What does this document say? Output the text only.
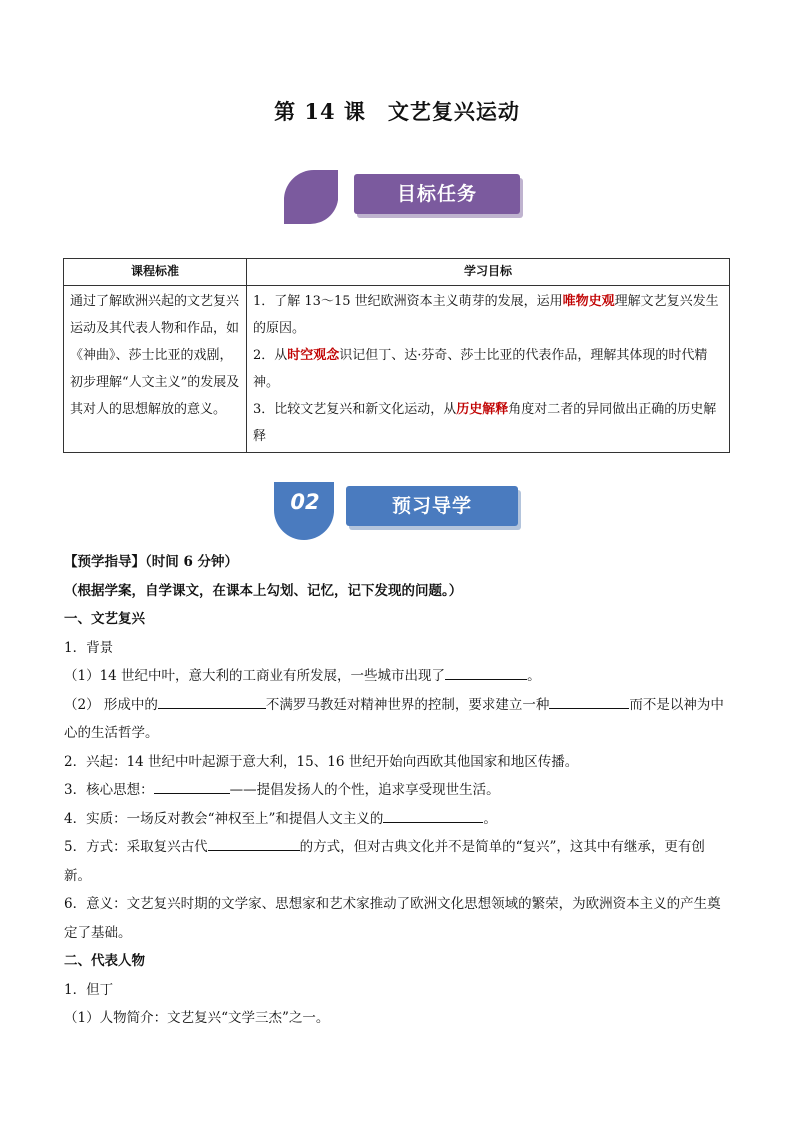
第 14 课 文艺复兴运动
目标任务
课程标准	学习目标
通过了解欧洲兴起的文艺复兴运动及其代表人物和作品，如《神曲》、莎士比亚的戏剧，初步理解“人文主义”的发展及其对人的思想解放的意义。	1．了解 13～15 世纪欧洲资本主义萌芽的发展，运用唯物史观理解文艺复兴发生的原因。
2．从时空观念识记但丁、达·芬奇、莎士比亚的代表作品，理解其体现的时代精神。
3．比较文艺复兴和新文化运动，从历史解释角度对二者的异同做出正确的历史解释
02	预习导学

【预学指导】（时间 6 分钟）

（根据学案，自学课文，在课本上勾划、记忆，记下发现的问题。）

一、文艺复兴

1．背景

（1）14 世纪中叶，意大利的工商业有所发展，一些城市出现了	。

（2） 形成中的	不满罗马教廷对精神世界的控制，要求建立一种	而不是以神为中心的生活哲学。

2．兴起：14 世纪中叶起源于意大利，15、16 世纪开始向西欧其他国家和地区传播。

3．核心思想：	——提倡发扬人的个性，追求享受现世生活。

4．实质：一场反对教会“神权至上”和提倡人文主义的	。

5．方式：采取复兴古代	的方式，但对古典文化并不是简单的“复兴”，这其中有继承，更有创新。

6．意义：文艺复兴时期的文学家、思想家和艺术家推动了欧洲文化思想领域的繁荣，为欧洲资本主义的产生奠定了基础。

二、代表人物

1．但丁

（1）人物简介：文艺复兴“文学三杰”之一。
